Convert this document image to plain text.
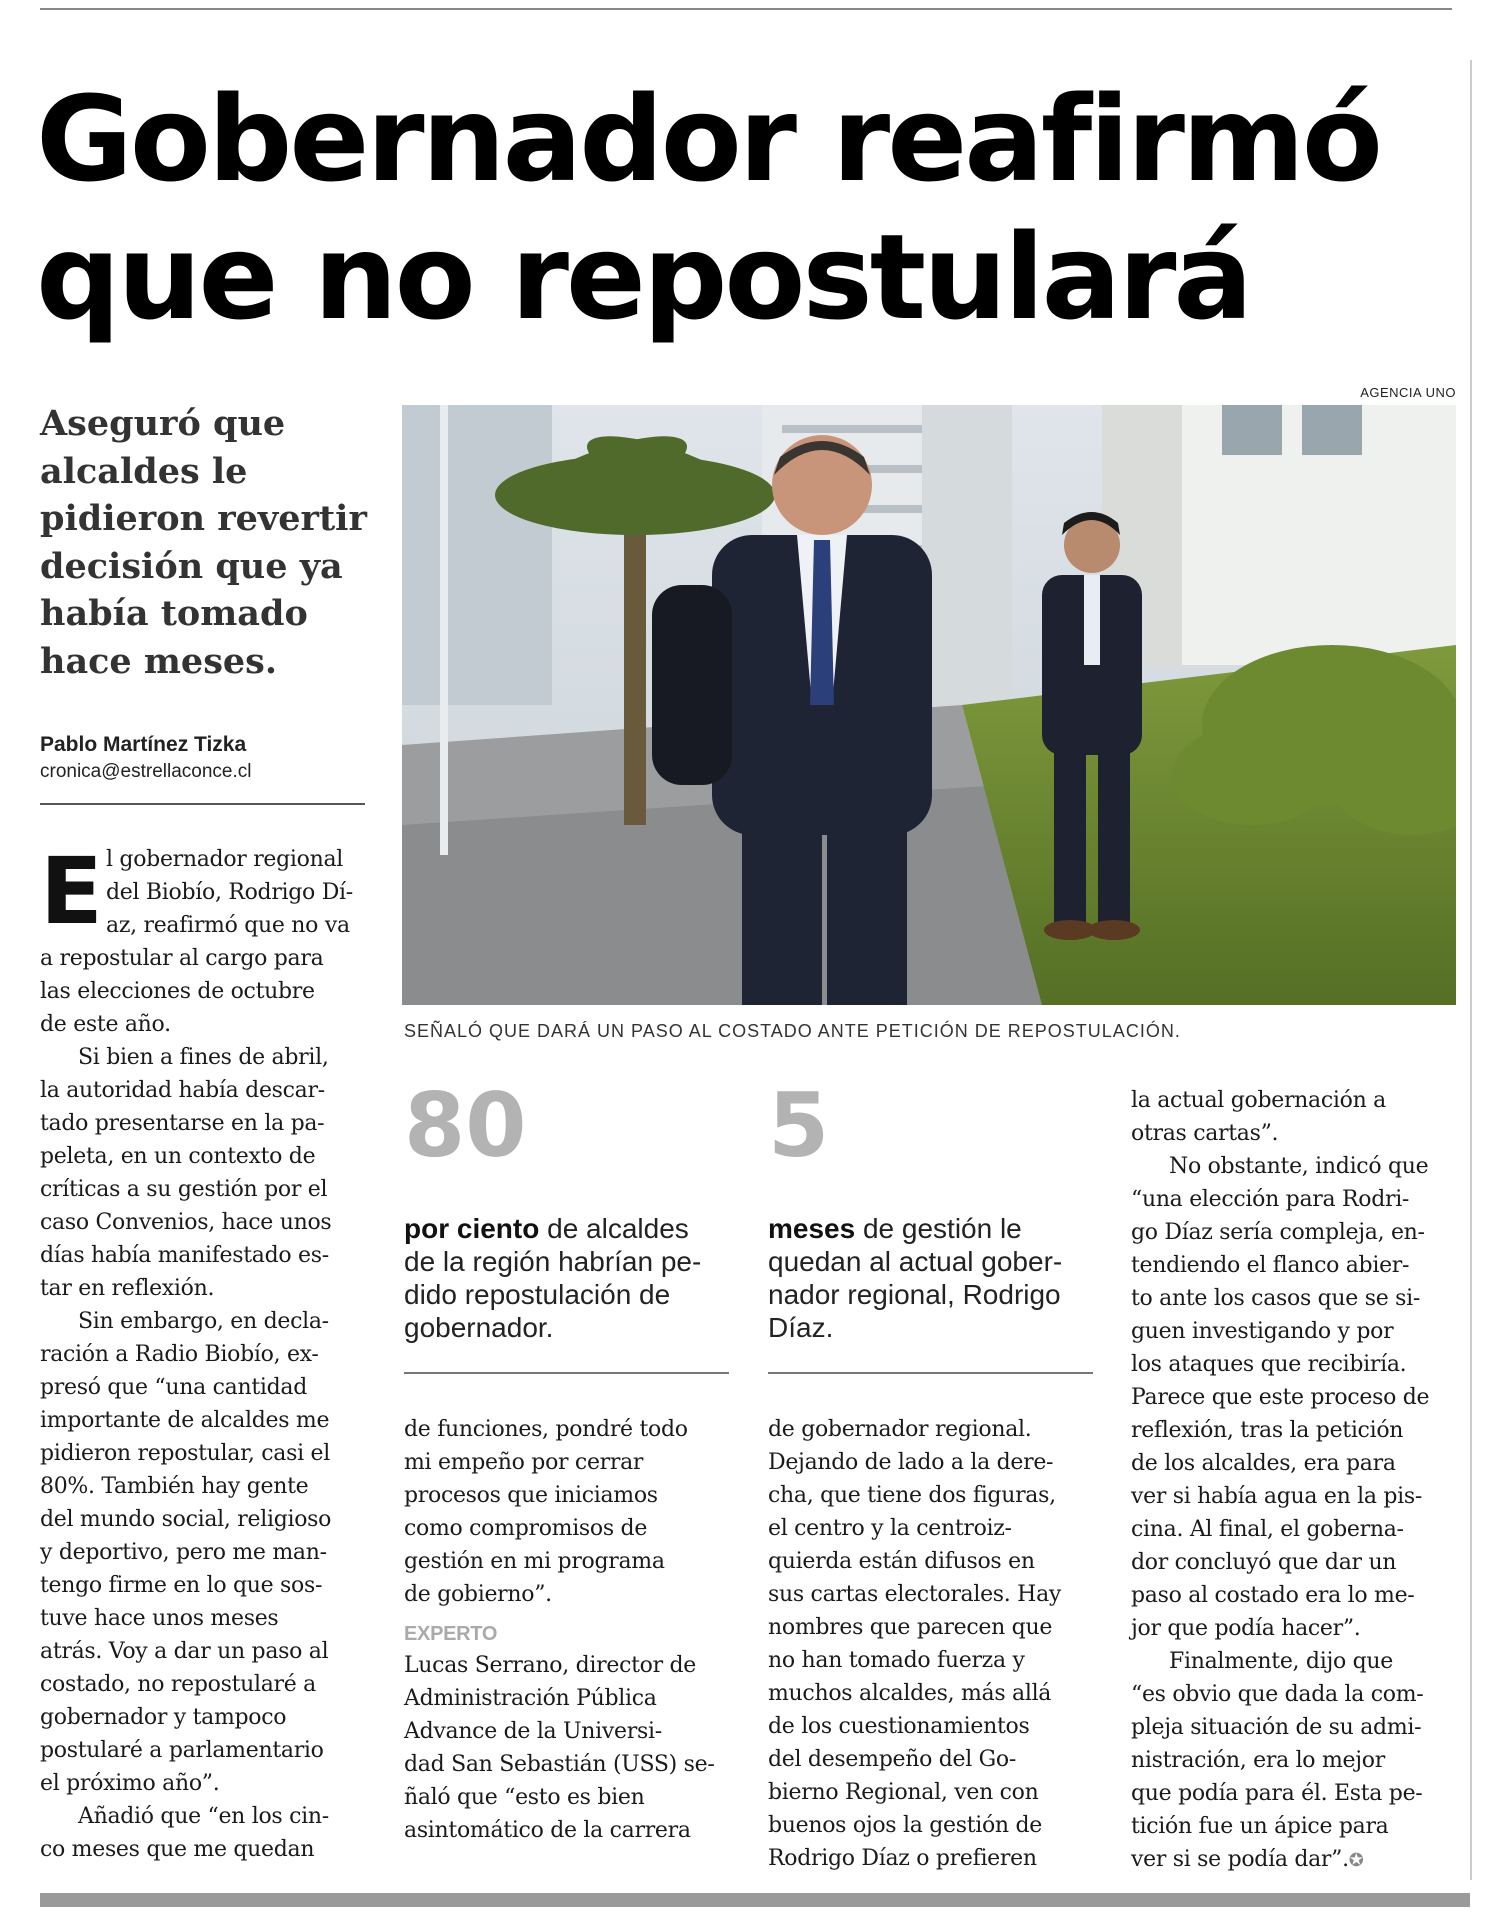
Gobernador reafirmó
que no repostulará
AGENCIA UNO
Aseguró que
alcaldes le
pidieron revertir
decisión que ya
había tomado
hace meses.
Pablo Martínez Tizka
cronica@estrellaconce.cl
SEÑALÓ QUE DARÁ UN PASO AL COSTADO ANTE PETICIÓN DE REPOSTULACIÓN.
E l gobernador regional

del Biobío, Rodrigo Dí-

az, reafirmó que no va

a repostular al cargo para

las elecciones de octubre

de este año.

Si bien a fines de abril,

la autoridad había descar-

tado presentarse en la pa-

peleta, en un contexto de

críticas a su gestión por el

caso Convenios, hace unos

días había manifestado es-

tar en reflexión.

Sin embargo, en decla-

ración a Radio Biobío, ex-

presó que “una cantidad

importante de alcaldes me

pidieron repostular, casi el

80%. También hay gente

del mundo social, religioso

y deportivo, pero me man-

tengo firme en lo que sos-

tuve hace unos meses

atrás. Voy a dar un paso al

costado, no repostularé a

gobernador y tampoco

postularé a parlamentario

el próximo año”.

Añadió que “en los cin-

co meses que me quedan

80

por ciento de alcaldes

de la región habrían pe-

dido repostulación de

gobernador.

5

meses de gestión le

quedan al actual gober-

nador regional, Rodrigo

Díaz.

de funciones, pondré todo

mi empeño por cerrar

procesos que iniciamos

como compromisos de

gestión en mi programa

de gobierno”.

EXPERTO

Lucas Serrano, director de

Administración Pública

Advance de la Universi-

dad San Sebastián (USS) se-

ñaló que “esto es bien

asintomático de la carrera

de gobernador regional.

Dejando de lado a la dere-

cha, que tiene dos figuras,

el centro y la centroiz-

quierda están difusos en

sus cartas electorales. Hay

nombres que parecen que

no han tomado fuerza y

muchos alcaldes, más allá

de los cuestionamientos

del desempeño del Go-

bierno Regional, ven con

buenos ojos la gestión de

Rodrigo Díaz o prefieren

la actual gobernación a

otras cartas”.

No obstante, indicó que

“una elección para Rodri-

go Díaz sería compleja, en-

tendiendo el flanco abier-

to ante los casos que se si-

guen investigando y por

los ataques que recibiría.

Parece que este proceso de

reflexión, tras la petición

de los alcaldes, era para

ver si había agua en la pis-

cina. Al final, el goberna-

dor concluyó que dar un

paso al costado era lo me-

jor que podía hacer”.

Finalmente, dijo que

“es obvio que dada la com-

pleja situación de su admi-

nistración, era lo mejor

que podía para él. Esta pe-

tición fue un ápice para

ver si se podía dar”.✪
